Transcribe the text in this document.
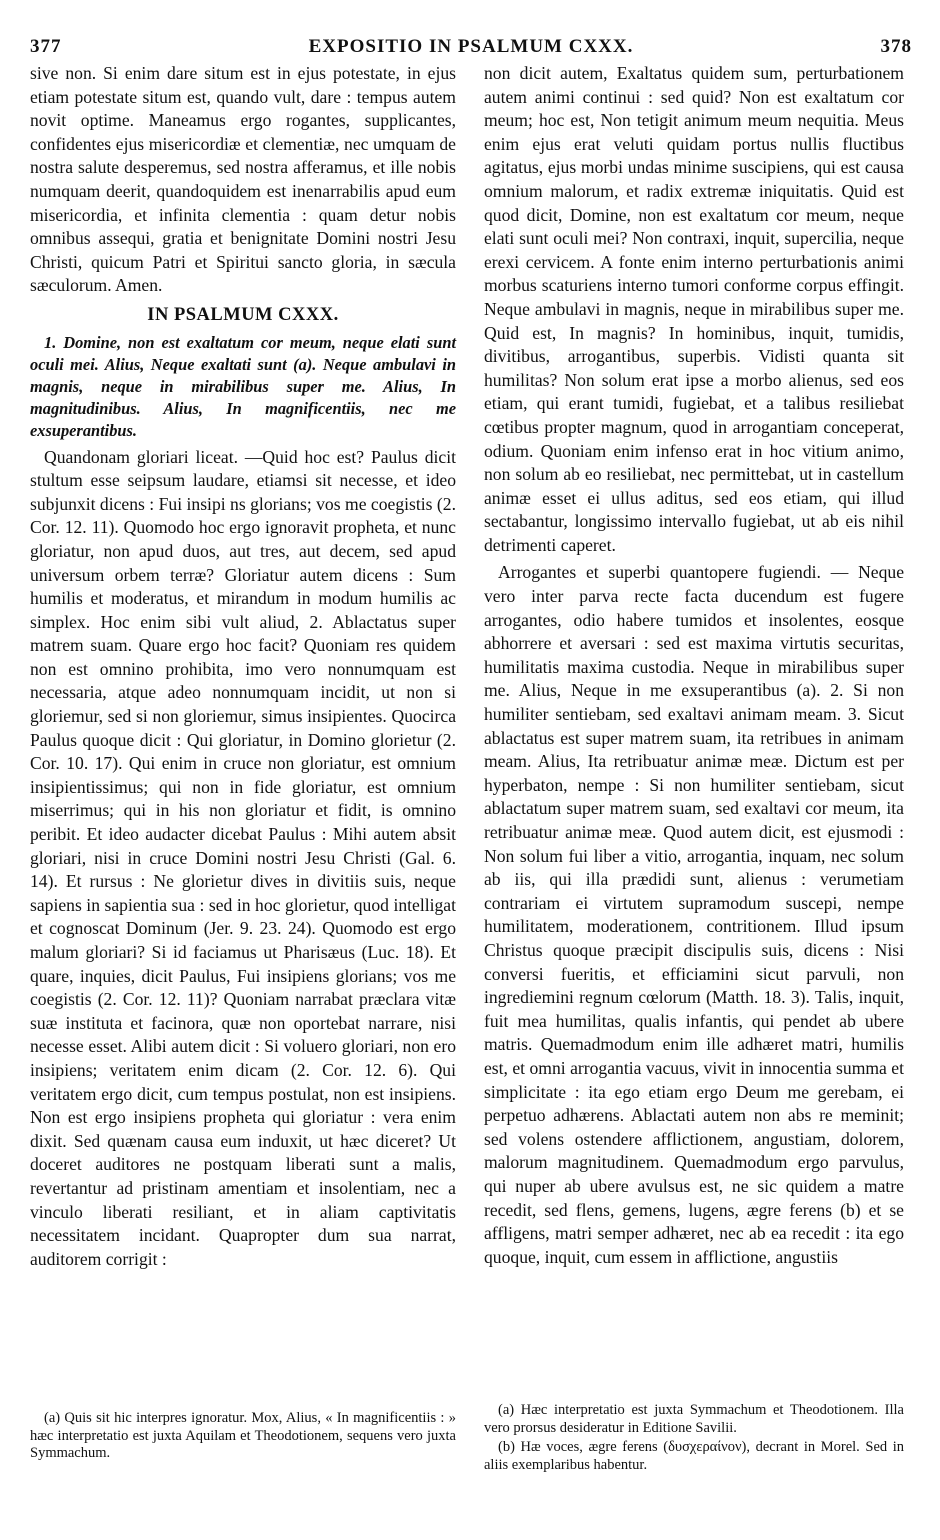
377	EXPOSITIO IN PSALMUM CXXX.	378

sive non. Si enim dare situm est in ejus potestate, in ejus etiam potestate situm est, quando vult, dare : tempus autem novit optime. Maneamus ergo rogantes, supplicantes, confidentes ejus misericordiæ et clementiæ, nec umquam de nostra salute desperemus, sed nostra afferamus, et ille nobis numquam deerit, quandoquidem est inenarrabilis apud eum misericordia, et infinita clementia : quam detur nobis omnibus assequi, gratia et benignitate Domini nostri Jesu Christi, quicum Patri et Spiritui sancto gloria, in sæcula sæculorum. Amen.

IN PSALMUM CXXX.

1. Domine, non est exaltatum cor meum, neque elati sunt oculi mei. Alius, Neque exaltati sunt (a). Neque ambulavi in magnis, neque in mirabilibus super me. Alius, In magnitudinibus. Alius, In magnificentiis, nec me exsuperantibus.

Quandonam gloriari liceat. —Quid hoc est? Paulus dicit stultum esse seipsum laudare, etiamsi sit necesse, et ideo subjunxit dicens : Fui insipi ns glorians; vos me coegistis (2. Cor. 12. 11). Quomodo hoc ergo ignoravit propheta, et nunc gloriatur, non apud duos, aut tres, aut decem, sed apud universum orbem terræ? Gloriatur autem dicens : Sum humilis et moderatus, et mirandum in modum humilis ac simplex. Hoc enim sibi vult aliud, 2. Ablactatus super matrem suam. Quare ergo hoc facit? Quoniam res quidem non est omnino prohibita, imo vero nonnumquam est necessaria, atque adeo nonnumquam incidit, ut non si gloriemur, sed si non gloriemur, simus insipientes. Quocirca Paulus quoque dicit : Qui gloriatur, in Domino glorietur (2. Cor. 10. 17). Qui enim in cruce non gloriatur, est omnium insipientissimus; qui non in fide gloriatur, est omnium miserrimus; qui in his non gloriatur et fidit, is omnino peribit. Et ideo audacter dicebat Paulus : Mihi autem absit gloriari, nisi in cruce Domini nostri Jesu Christi (Gal. 6. 14). Et rursus : Ne glorietur dives in divitiis suis, neque sapiens in sapientia sua : sed in hoc glorietur, quod intelligat et cognoscat Dominum (Jer. 9. 23. 24). Quomodo est ergo malum gloriari? Si id faciamus ut Pharisæus (Luc. 18). Et quare, inquies, dicit Paulus, Fui insipiens glorians; vos me coegistis (2. Cor. 12. 11)? Quoniam narrabat præclara vitæ suæ instituta et facinora, quæ non oportebat narrare, nisi necesse esset. Alibi autem dicit : Si voluero gloriari, non ero insipiens; veritatem enim dicam (2. Cor. 12. 6). Qui veritatem ergo dicit, cum tempus postulat, non est insipiens. Non est ergo insipiens propheta qui gloriatur : vera enim dixit. Sed quænam causa eum induxit, ut hæc diceret? Ut doceret auditores ne postquam liberati sunt a malis, revertantur ad pristinam amentiam et insolentiam, nec a vinculo liberati resiliant, et in aliam captivitatis necessitatem incidant. Quapropter dum sua narrat, auditorem corrigit :

non dicit autem, Exaltatus quidem sum, perturbationem autem animi continui : sed quid? Non est exaltatum cor meum; hoc est, Non tetigit animum meum nequitia. Meus enim ejus erat veluti quidam portus nullis fluctibus agitatus, ejus morbi undas minime suscipiens, qui est causa omnium malorum, et radix extremæ iniquitatis. Quid est quod dicit, Domine, non est exaltatum cor meum, neque elati sunt oculi mei? Non contraxi, inquit, supercilia, neque erexi cervicem. A fonte enim interno perturbationis animi morbus scaturiens interno tumori conforme corpus effingit. Neque ambulavi in magnis, neque in mirabilibus super me. Quid est, In magnis? In hominibus, inquit, tumidis, divitibus, arrogantibus, superbis. Vidisti quanta sit humilitas? Non solum erat ipse a morbo alienus, sed eos etiam, qui erant tumidi, fugiebat, et a talibus resiliebat cœtibus propter magnum, quod in arrogantiam conceperat, odium. Quoniam enim infenso erat in hoc vitium animo, non solum ab eo resiliebat, nec permittebat, ut in castellum animæ esset ei ullus aditus, sed eos etiam, qui illud sectabantur, longissimo intervallo fugiebat, ut ab eis nihil detrimenti caperet.

Arrogantes et superbi quantopere fugiendi. — Neque vero inter parva recte facta ducendum est fugere arrogantes, odio habere tumidos et insolentes, eosque abhorrere et aversari : sed est maxima virtutis securitas, humilitatis maxima custodia. Neque in mirabilibus super me. Alius, Neque in me exsuperantibus (a). 2. Si non humiliter sentiebam, sed exaltavi animam meam. 3. Sicut ablactatus est super matrem suam, ita retribues in animam meam. Alius, Ita retribuatur animæ meæ. Dictum est per hyperbaton, nempe : Si non humiliter sentiebam, sicut ablactatum super matrem suam, sed exaltavi cor meum, ita retribuatur animæ meæ. Quod autem dicit, est ejusmodi : Non solum fui liber a vitio, arrogantia, inquam, nec solum ab iis, qui illa prædidi sunt, alienus : verumetiam contrariam ei virtutem supramodum suscepi, nempe humilitatem, moderationem, contritionem. Illud ipsum Christus quoque præcipit discipulis suis, dicens : Nisi conversi fueritis, et efficiamini sicut parvuli, non ingrediemini regnum cœlorum (Matth. 18. 3). Talis, inquit, fuit mea humilitas, qualis infantis, qui pendet ab ubere matris. Quemadmodum enim ille adhæret matri, humilis est, et omni arrogantia vacuus, vivit in innocentia summa et simplicitate : ita ego etiam ergo Deum me gerebam, ei perpetuo adhærens. Ablactati autem non abs re meminit; sed volens ostendere afflictionem, angustiam, dolorem, malorum magnitudinem. Quemadmodum ergo parvulus, qui nuper ab ubere avulsus est, ne sic quidem a matre recedit, sed flens, gemens, lugens, ægre ferens (b) et se affligens, matri semper adhæret, nec ab ea recedit : ita ego quoque, inquit, cum essem in afflictione, angustiis

(a) Quis sit hic interpres ignoratur. Mox, Alius, « In magnificentiis : » hæc interpretatio est juxta Aquilam et Theodotionem, sequens vero juxta Symmachum.

(a) Hæc interpretatio est juxta Symmachum et Theodotionem. Illa vero prorsus desideratur in Editione Savilii.

(b) Hæ voces, ægre ferens (δυσχεραίνον), decrant in Morel. Sed in aliis exemplaribus habentur.
